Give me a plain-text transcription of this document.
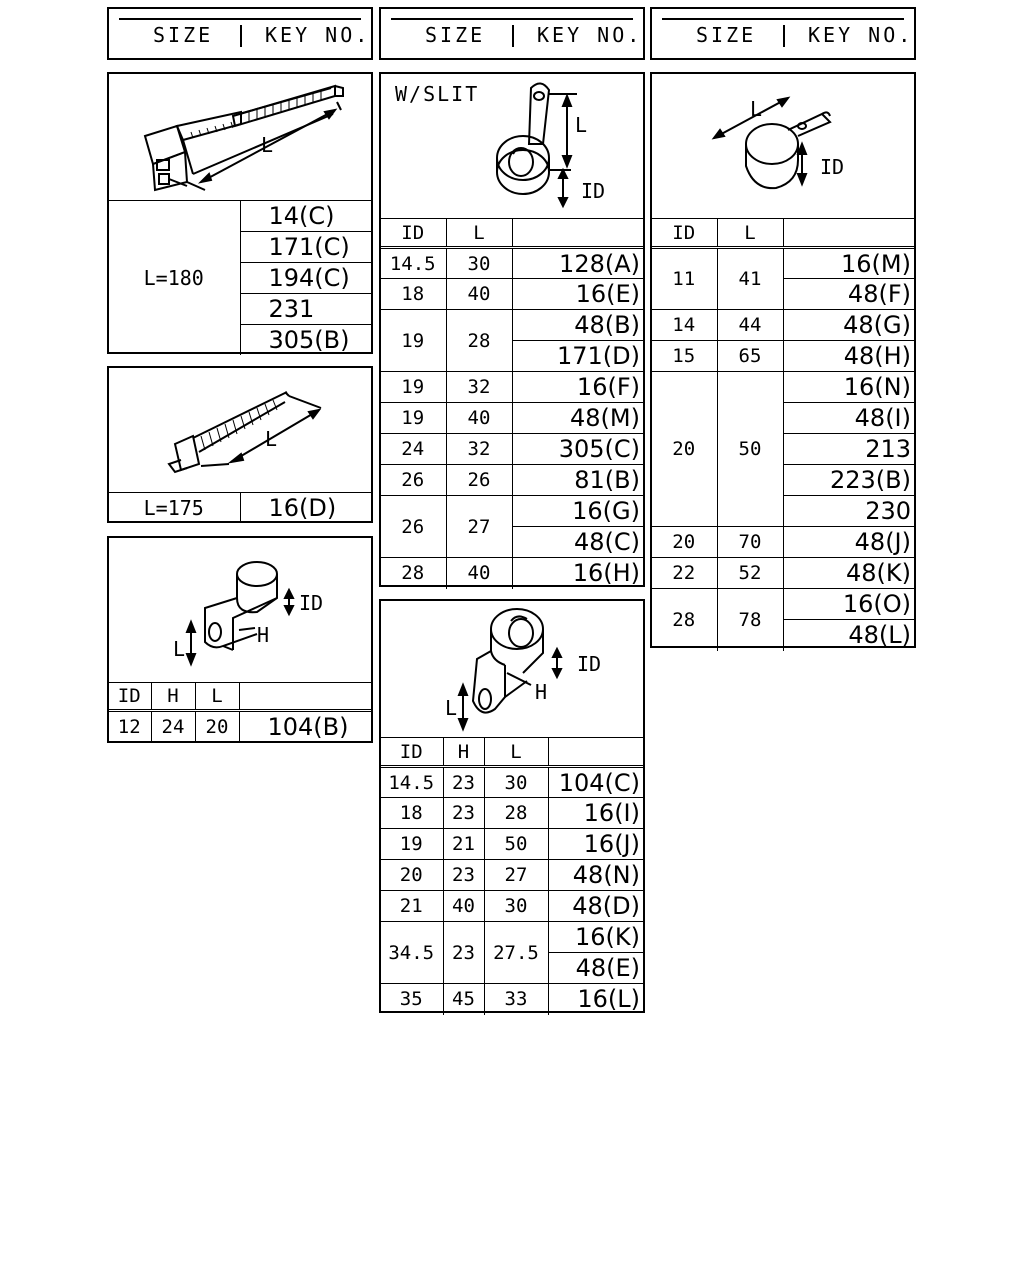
SIZE	KEY NO.	SIZE	KEY NO.	SIZE	KEY NO.
L
L=180	14(C)
171(C)
194(C)
231
305(B)
L
L=175	16(D)
L
H
ID
ID	H	L	
12	24	20	104(B)
W/SLIT
L
ID
ID	L	
14.5	30	128(A)
18	40	16(E)
19	28	48(B)
		171(D)
19	32	16(F)
19	40	48(M)
24	32	305(C)
26	26	81(B)
26	27	16(G)
		48(C)
28	40	16(H)
L
H
ID
ID	H	L	
14.5	23	30	104(C)
18	23	28	16(I)
19	21	50	16(J)
20	23	27	48(N)
21	40	30	48(D)
34.5	23	27.5	16(K)
			48(E)
35	45	33	16(L)
L
ID
ID	L	
11	41	16(M)
		48(F)
14	44	48(G)
15	65	48(H)
20	50	16(N)
		48(I)
		213
		223(B)
		230
20	70	48(J)
22	52	48(K)
28	78	16(O)
		48(L)
